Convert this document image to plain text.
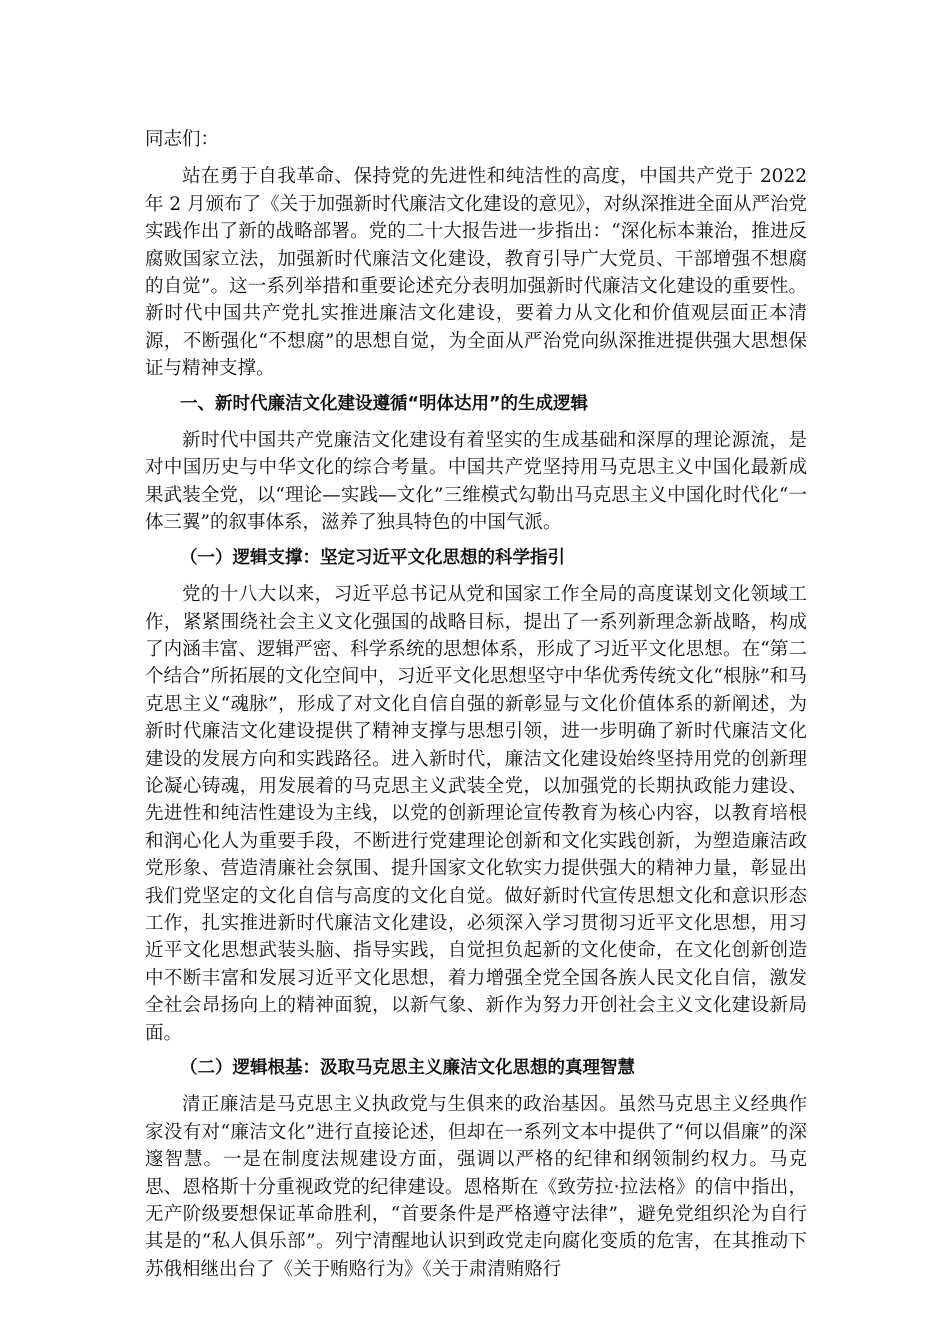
同志们：

站在勇于自我革命、保持党的先进性和纯洁性的高度，中国共产党于 2022 年 2 月颁布了《关于加强新时代廉洁文化建设的意见》，对纵深推进全面从严治党实践作出了新的战略部署。党的二十大报告进一步指出：“深化标本兼治，推进反腐败国家立法，加强新时代廉洁文化建设，教育引导广大党员、干部增强不想腐的自觉”。这一系列举措和重要论述充分表明加强新时代廉洁文化建设的重要性。新时代中国共产党扎实推进廉洁文化建设，要着力从文化和价值观层面正本清源，不断强化“不想腐”的思想自觉，为全面从严治党向纵深推进提供强大思想保证与精神支撑。

一、新时代廉洁文化建设遵循“明体达用”的生成逻辑

新时代中国共产党廉洁文化建设有着坚实的生成基础和深厚的理论源流，是对中国历史与中华文化的综合考量。中国共产党坚持用马克思主义中国化最新成果武装全党，以“理论—实践—文化”三维模式勾勒出马克思主义中国化时代化“一体三翼”的叙事体系，滋养了独具特色的中国气派。

（一）逻辑支撑：坚定习近平文化思想的科学指引

党的十八大以来，习近平总书记从党和国家工作全局的高度谋划文化领域工作，紧紧围绕社会主义文化强国的战略目标，提出了一系列新理念新战略，构成了内涵丰富、逻辑严密、科学系统的思想体系，形成了习近平文化思想。在“第二个结合”所拓展的文化空间中，习近平文化思想坚守中华优秀传统文化“根脉”和马克思主义“魂脉”，形成了对文化自信自强的新彰显与文化价值体系的新阐述，为新时代廉洁文化建设提供了精神支撑与思想引领，进一步明确了新时代廉洁文化建设的发展方向和实践路径。进入新时代，廉洁文化建设始终坚持用党的创新理论凝心铸魂，用发展着的马克思主义武装全党，以加强党的长期执政能力建设、先进性和纯洁性建设为主线，以党的创新理论宣传教育为核心内容，以教育培根和润心化人为重要手段，不断进行党建理论创新和文化实践创新，为塑造廉洁政党形象、营造清廉社会氛围、提升国家文化软实力提供强大的精神力量，彰显出我们党坚定的文化自信与高度的文化自觉。做好新时代宣传思想文化和意识形态工作，扎实推进新时代廉洁文化建设，必须深入学习贯彻习近平文化思想，用习近平文化思想武装头脑、指导实践，自觉担负起新的文化使命，在文化创新创造中不断丰富和发展习近平文化思想，着力增强全党全国各族人民文化自信，激发全社会昂扬向上的精神面貌，以新气象、新作为努力开创社会主义文化建设新局面。

（二）逻辑根基：汲取马克思主义廉洁文化思想的真理智慧

清正廉洁是马克思主义执政党与生俱来的政治基因。虽然马克思主义经典作家没有对“廉洁文化”进行直接论述，但却在一系列文本中提供了“何以倡廉”的深邃智慧。一是在制度法规建设方面，强调以严格的纪律和纲领制约权力。马克思、恩格斯十分重视政党的纪律建设。恩格斯在《致劳拉·拉法格》的信中指出，无产阶级要想保证革命胜利，“首要条件是严格遵守法律”，避免党组织沦为自行其是的“私人俱乐部”。列宁清醒地认识到政党走向腐化变质的危害，在其推动下苏俄相继出台了《关于贿赂行为》《关于肃清贿赂行
